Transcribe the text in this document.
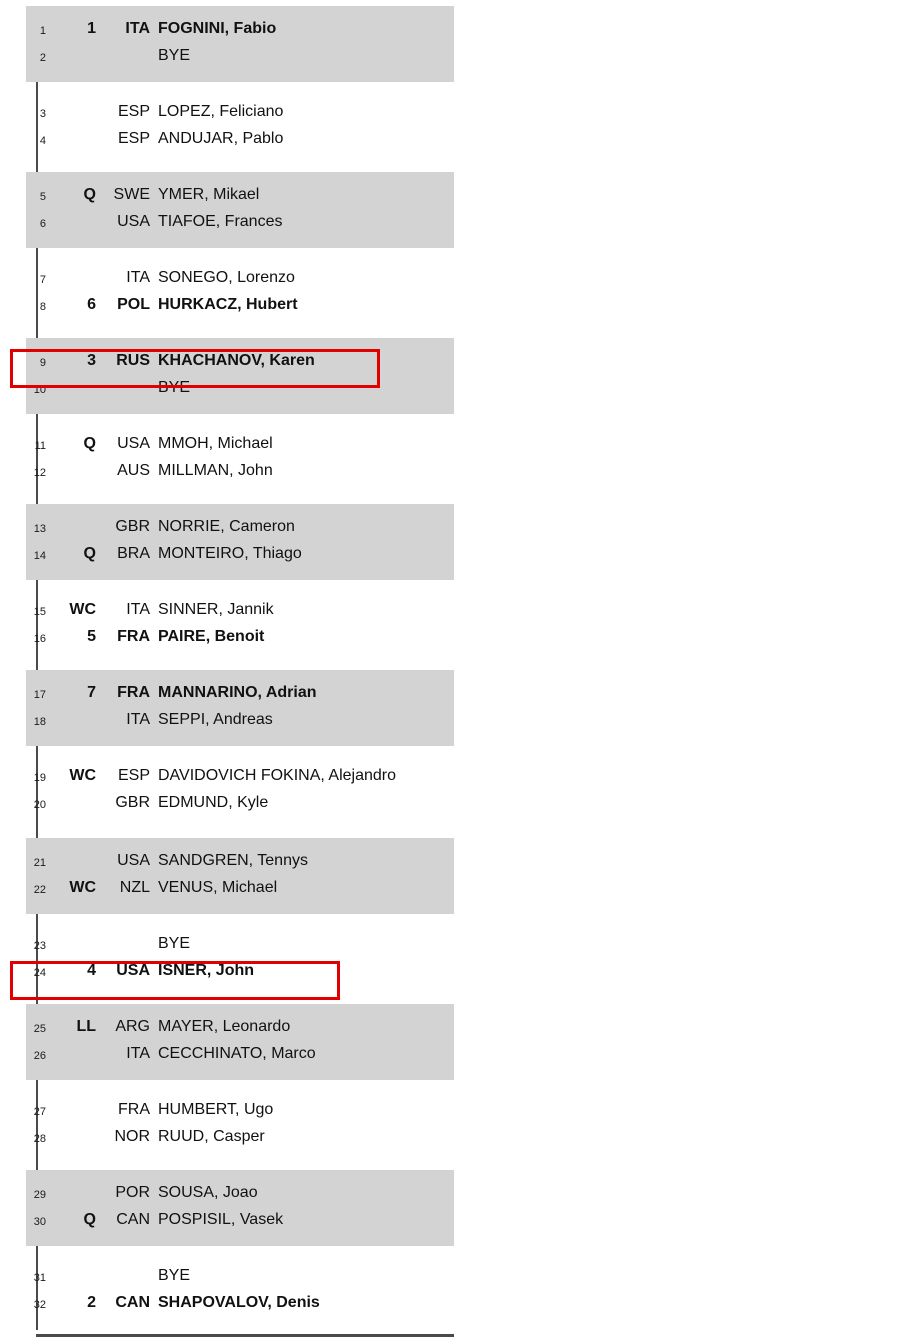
1	1	ITA FOGNINI, Fabio
2	BYE
3	ESP LOPEZ, Feliciano
4	ESP ANDUJAR, Pablo
5	Q	SWE YMER, Mikael
6	USA TIAFOE, Frances
7	ITA SONEGO, Lorenzo
8	6	POL HURKACZ, Hubert
9	3	RUS KHACHANOV, Karen
10	BYE
11	Q	USA MMOH, Michael
12	AUS MILLMAN, John
13	GBR NORRIE, Cameron
14	Q	BRA MONTEIRO, Thiago
15	WC	ITA SINNER, Jannik
16	5	FRA PAIRE, Benoit
17	7	FRA MANNARINO, Adrian
18	ITA SEPPI, Andreas
19	WC	ESP DAVIDOVICH FOKINA, Alejandro
20	GBR EDMUND, Kyle
21	USA SANDGREN, Tennys
22	WC	NZL VENUS, Michael
23	BYE
24	4	USA ISNER, John
25	LL	ARG MAYER, Leonardo
26	ITA CECCHINATO, Marco
27	FRA HUMBERT, Ugo
28	NOR RUUD, Casper
29	POR SOUSA, Joao
30	Q	CAN POSPISIL, Vasek
31	BYE
32	2	CAN SHAPOVALOV, Denis
